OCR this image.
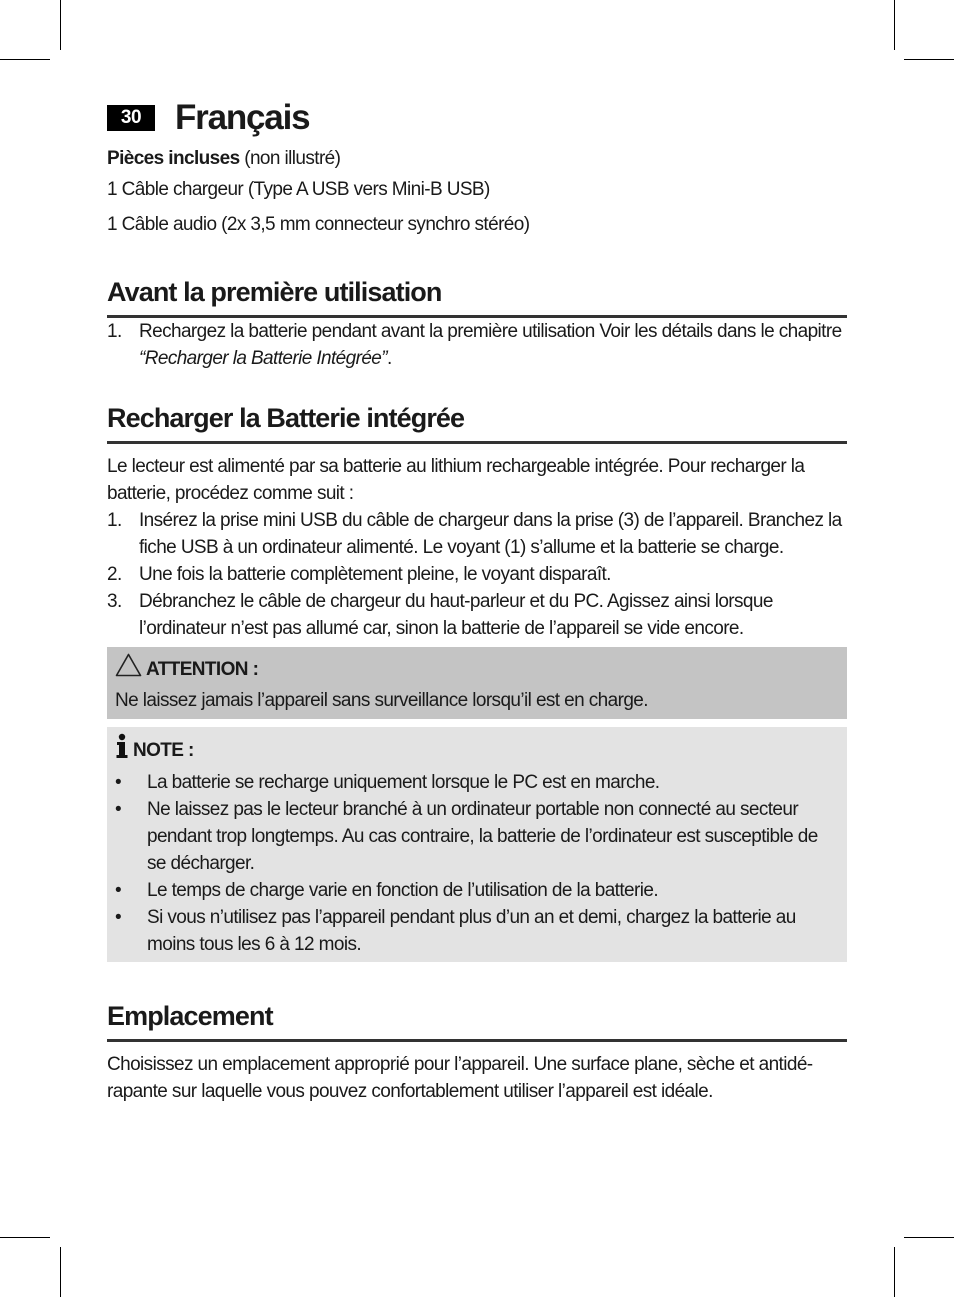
30 Français
Pièces incluses (non illustré)
1 Câble chargeur (Type A USB vers Mini-B USB)
1 Câble audio (2x 3,5 mm connecteur synchro stéréo)
Avant la première utilisation
1. Rechargez la batterie pendant avant la première utilisation Voir les détails dans le chapitre “Recharger la Batterie Intégrée”.
Recharger la Batterie intégrée
Le lecteur est alimenté par sa batterie au lithium rechargeable intégrée. Pour recharger la batterie, procédez comme suit :
1. Insérez la prise mini USB du câble de chargeur dans la prise (3) de l’appareil. Branchez la fiche USB à un ordinateur alimenté. Le voyant (1) s’allume et la batterie se charge.
2. Une fois la batterie complètement pleine, le voyant disparaît.
3. Débranchez le câble de chargeur du haut-parleur et du PC. Agissez ainsi lorsque l’ordinateur n’est pas allumé car, sinon la batterie de l’appareil se vide encore.
ATTENTION :
Ne laissez jamais l’appareil sans surveillance lorsqu’il est en charge.
NOTE :
•	La batterie se recharge uniquement lorsque le PC est en marche.
•	Ne laissez pas le lecteur branché à un ordinateur portable non connecté au secteur pendant trop longtemps. Au cas contraire, la batterie de l’ordinateur est susceptible de se décharger.
•	Le temps de charge varie en fonction de l’utilisation de la batterie.
•	Si vous n’utilisez pas l’appareil pendant plus d’un an et demi, chargez la batterie au moins tous les 6 à 12 mois.
Emplacement
Choisissez un emplacement approprié pour l’appareil. Une surface plane, sèche et antidé-rapante sur laquelle vous pouvez confortablement utiliser l’appareil est idéale.
